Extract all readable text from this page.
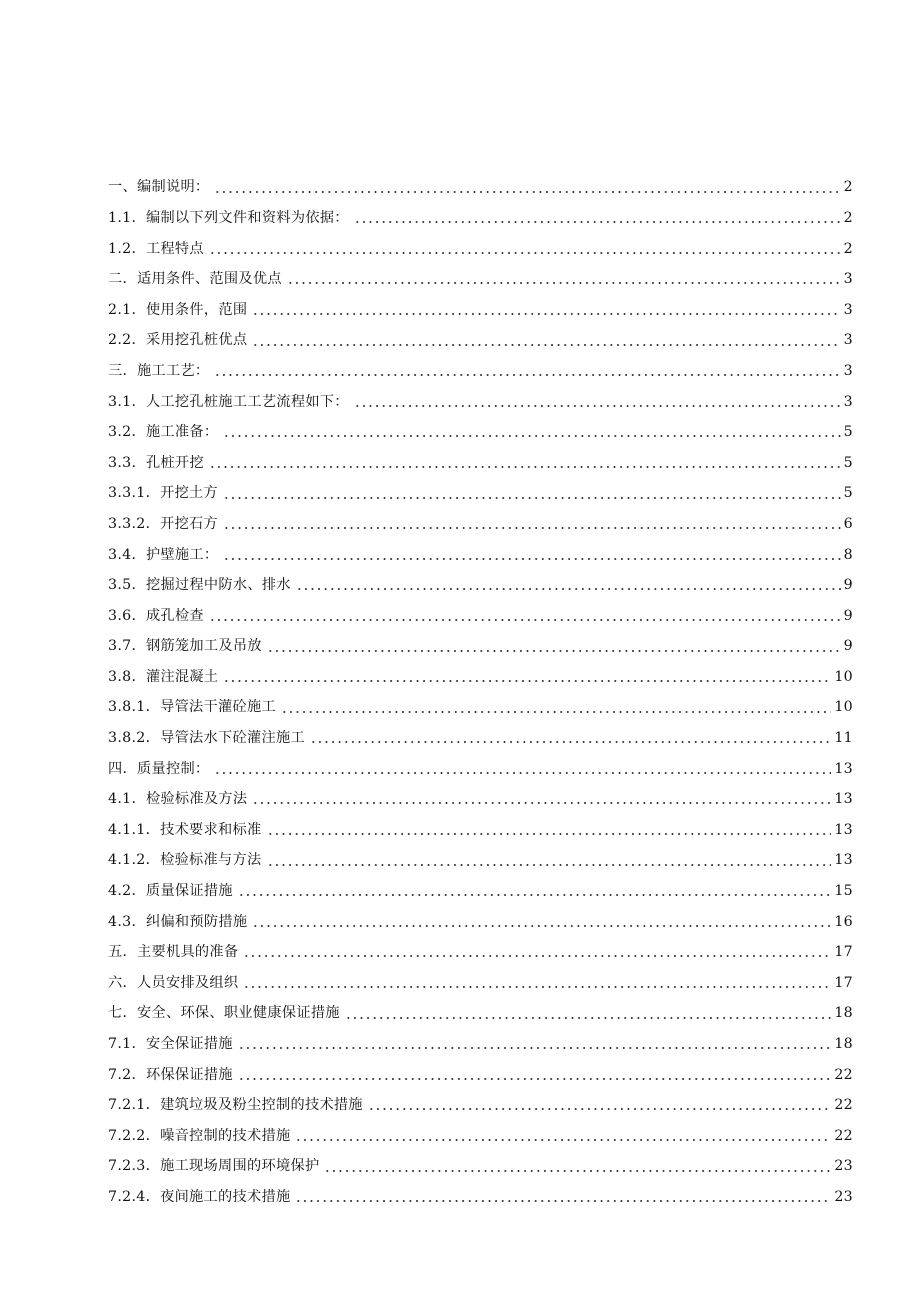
一、编制说明：	2
1.1．编制以下列文件和资料为依据：	2
1.2．工程特点	2
二．适用条件、范围及优点	3
2.1．使用条件，范围	3
2.2．采用挖孔桩优点	3
三．施工工艺：	3
3.1．人工挖孔桩施工工艺流程如下：	3
3.2．施工准备：	5
3.3．孔桩开挖	5
3.3.1．开挖土方	5
3.3.2．开挖石方	6
3.4．护壁施工：	8
3.5．挖掘过程中防水、排水	9
3.6．成孔检查	9
3.7．钢筋笼加工及吊放	9
3.8．灌注混凝土	10
3.8.1．导管法干灌砼施工	10
3.8.2．导管法水下砼灌注施工	11
四．质量控制：	13
4.1．检验标准及方法	13
4.1.1．技术要求和标准	13
4.1.2．检验标准与方法	13
4.2．质量保证措施	15
4.3．纠偏和预防措施	16
五．主要机具的准备	17
六．人员安排及组织	17
七．安全、环保、职业健康保证措施	18
7.1．安全保证措施	18
7.2．环保保证措施	22
7.2.1．建筑垃圾及粉尘控制的技术措施	22
7.2.2．噪音控制的技术措施	22
7.2.3．施工现场周围的环境保护	23
7.2.4．夜间施工的技术措施	23
